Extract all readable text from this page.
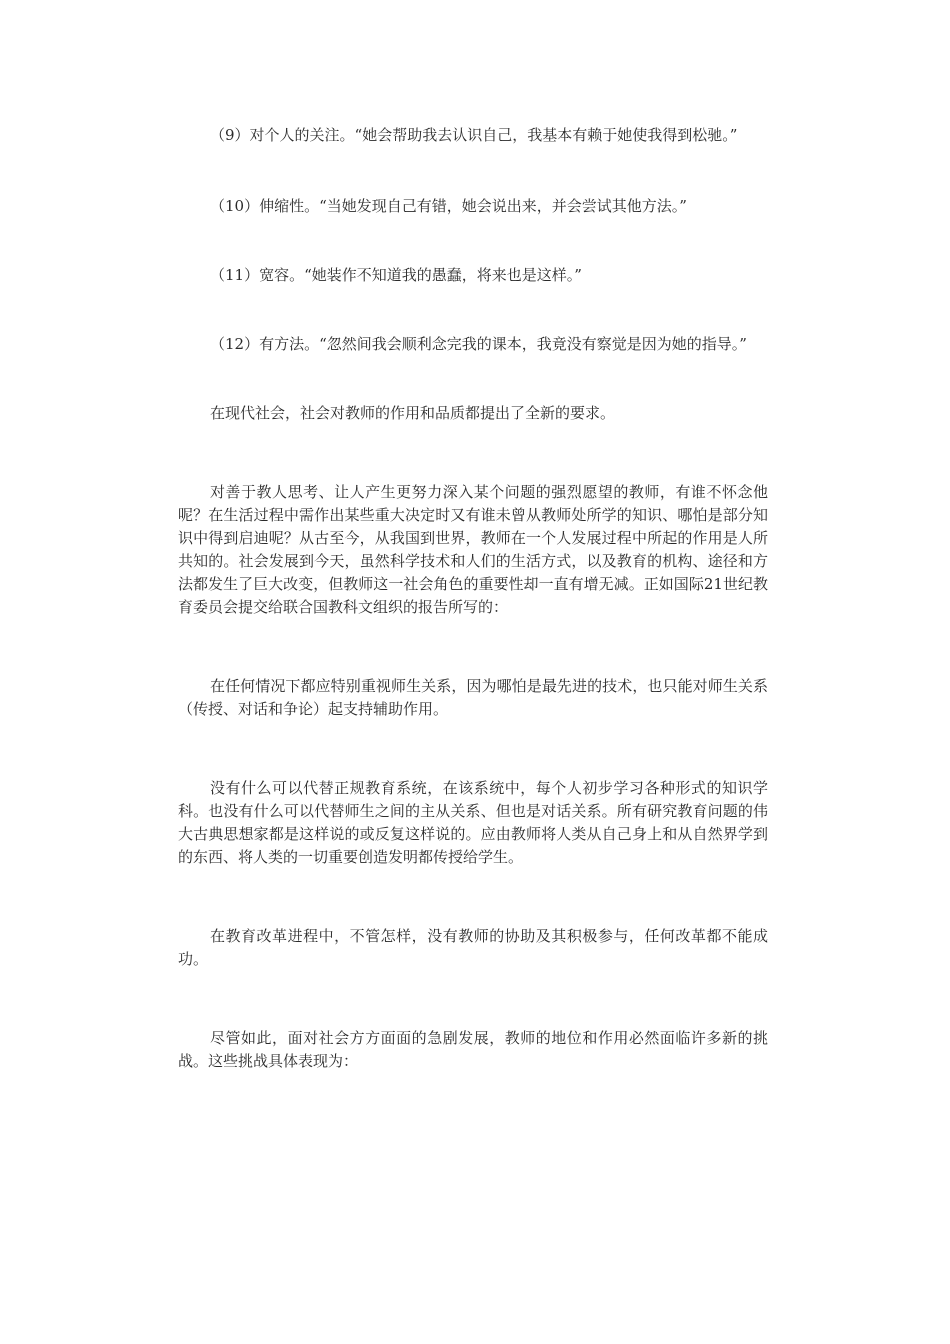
（9）对个人的关注。“她会帮助我去认识自己，我基本有赖于她使我得到松驰。”

（10）伸缩性。“当她发现自己有错，她会说出来，并会尝试其他方法。”

（11）宽容。“她装作不知道我的愚蠢，将来也是这样。”

（12）有方法。“忽然间我会顺利念完我的课本，我竟没有察觉是因为她的指导。”

在现代社会，社会对教师的作用和品质都提出了全新的要求。

对善于教人思考、让人产生更努力深入某个问题的强烈愿望的教师，有谁不怀念他呢？在生活过程中需作出某些重大决定时又有谁未曾从教师处所学的知识、哪怕是部分知识中得到启迪呢？从古至今，从我国到世界，教师在一个人发展过程中所起的作用是人所共知的。社会发展到今天，虽然科学技术和人们的生活方式，以及教育的机构、途径和方法都发生了巨大改变，但教师这一社会角色的重要性却一直有增无减。正如国际21世纪教育委员会提交给联合国教科文组织的报告所写的：

在任何情况下都应特别重视师生关系，因为哪怕是最先进的技术，也只能对师生关系（传授、对话和争论）起支持辅助作用。

没有什么可以代替正规教育系统，在该系统中，每个人初步学习各种形式的知识学科。也没有什么可以代替师生之间的主从关系、但也是对话关系。所有研究教育问题的伟大古典思想家都是这样说的或反复这样说的。应由教师将人类从自己身上和从自然界学到的东西、将人类的一切重要创造发明都传授给学生。

在教育改革进程中，不管怎样，没有教师的协助及其积极参与，任何改革都不能成功。

尽管如此，面对社会方方面面的急剧发展，教师的地位和作用必然面临许多新的挑战。这些挑战具体表现为：
